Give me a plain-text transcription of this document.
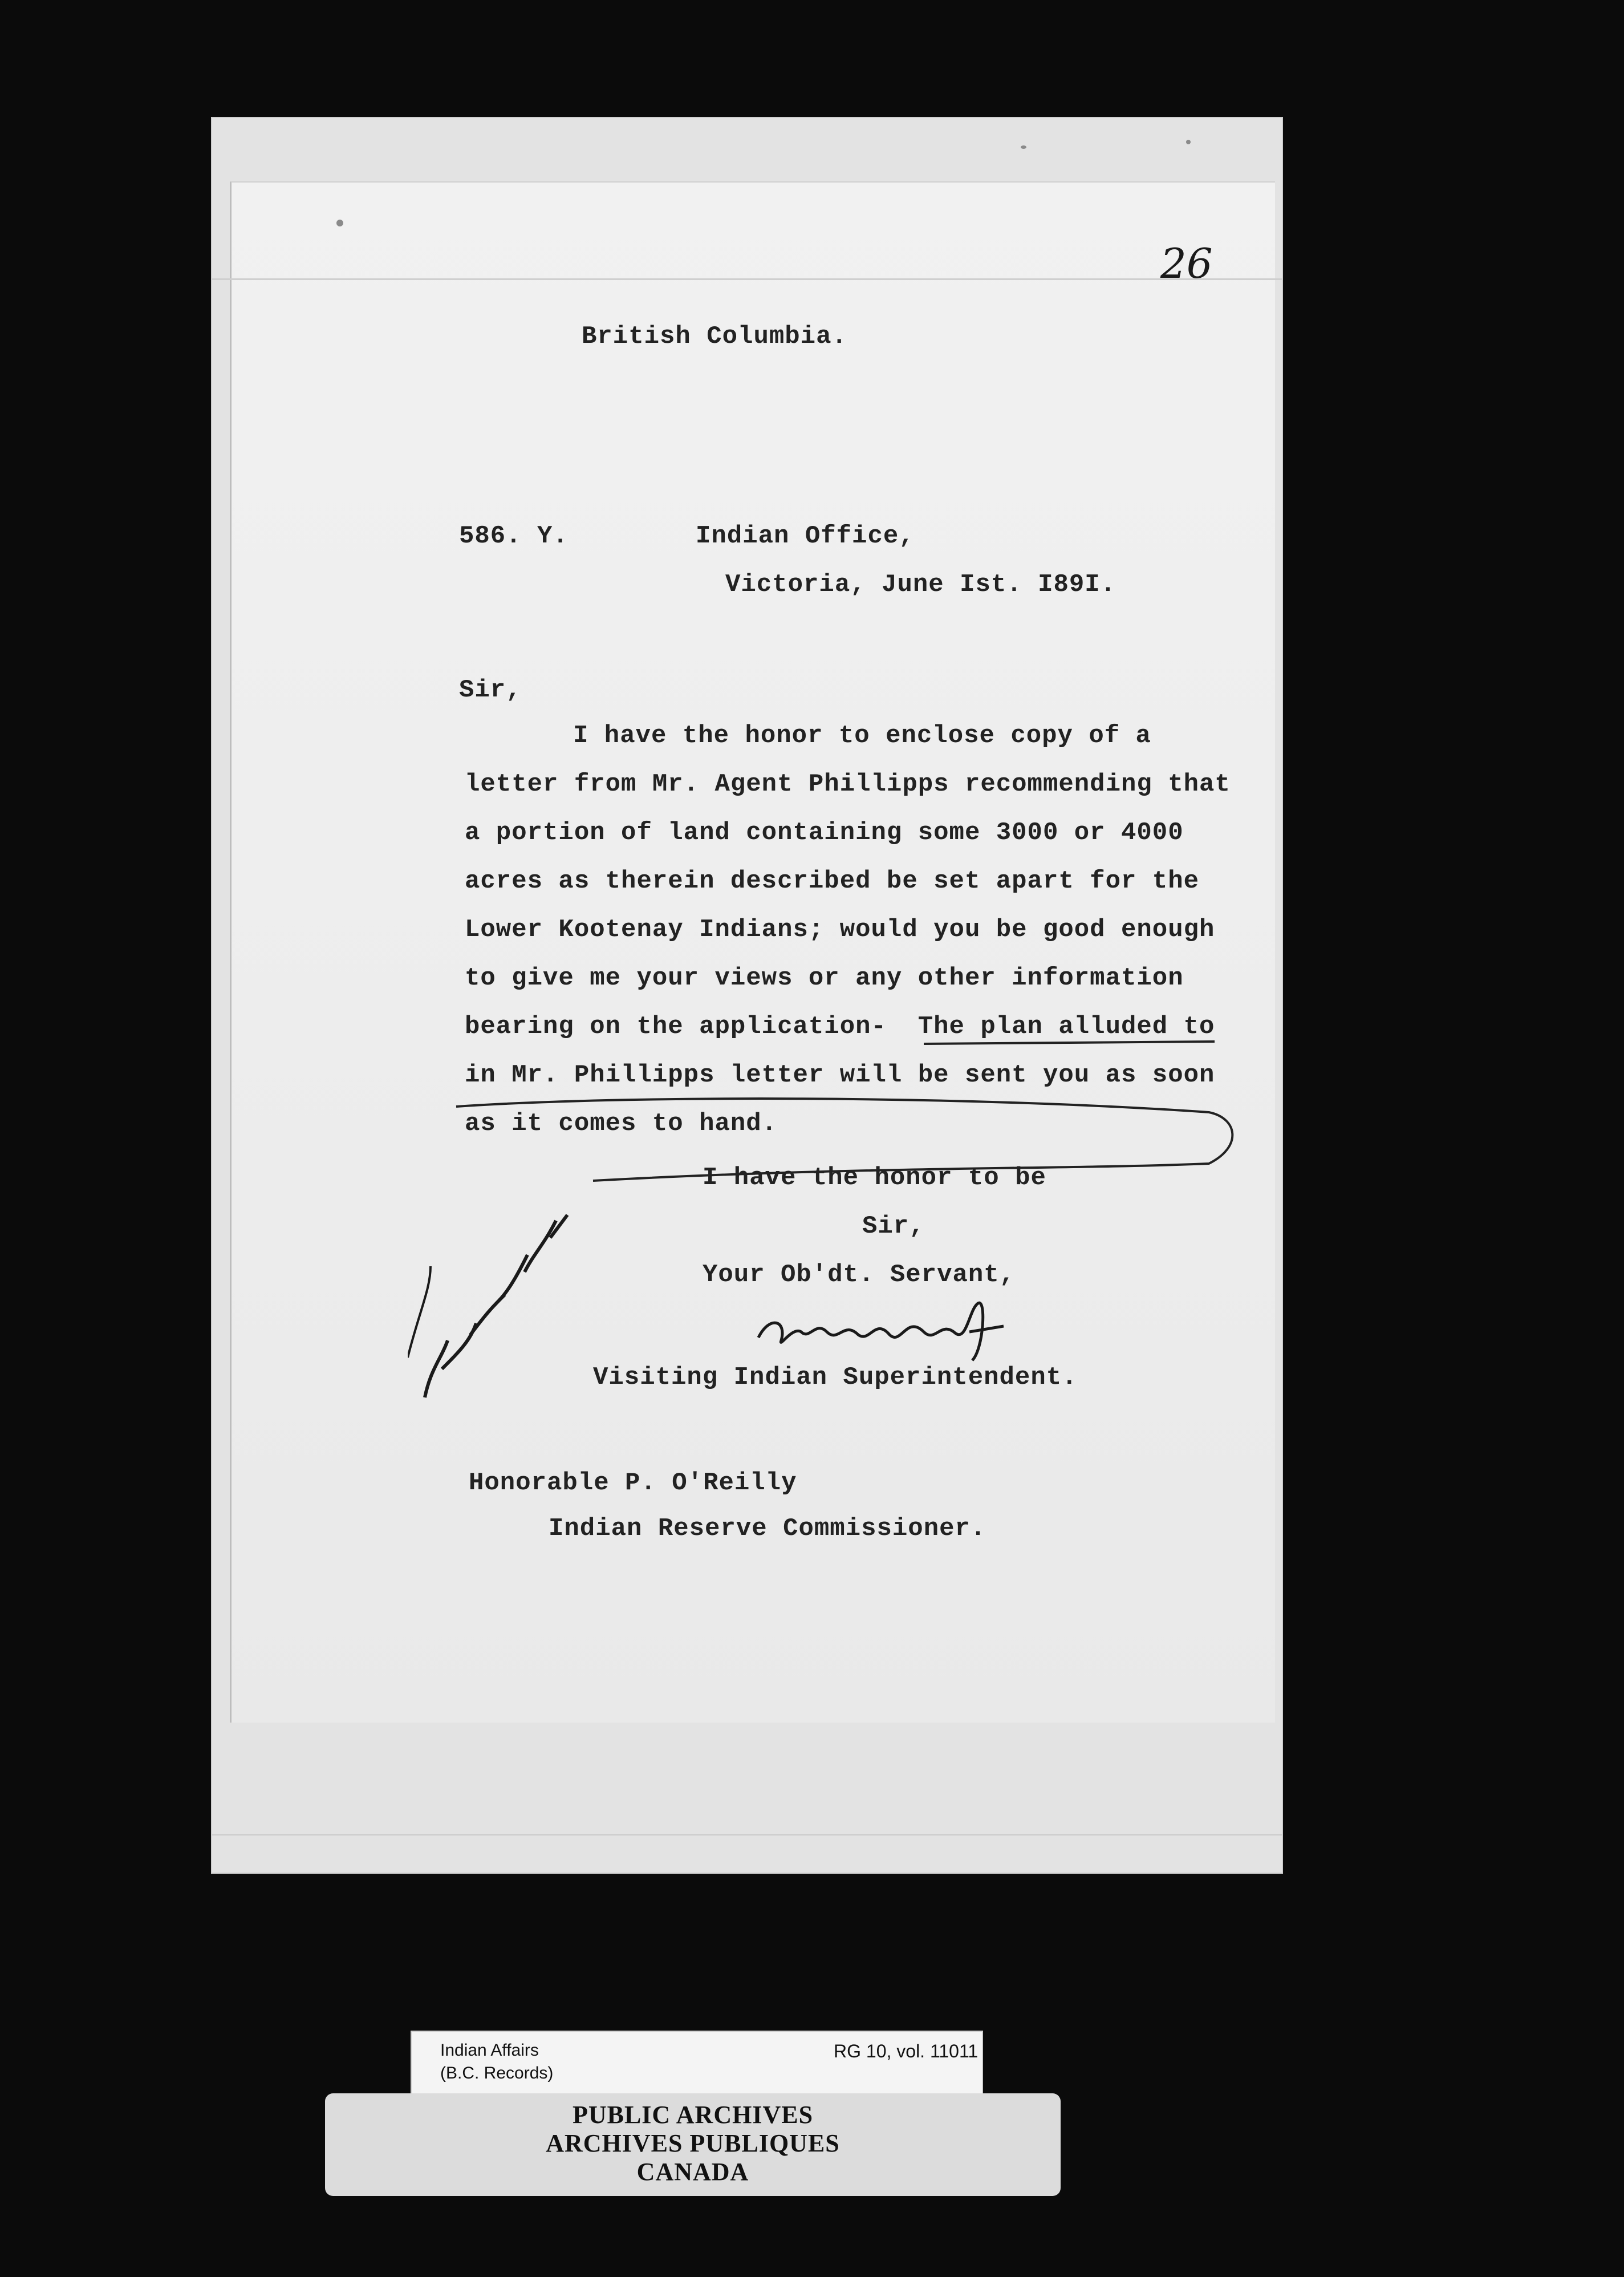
26
British Columbia.
586. Y.	Indian Office,
Victoria, June Ist. I89I.
Sir,
I have the honor to enclose copy of a
letter from Mr. Agent Phillipps recommending that
a portion of land containing some 3000 or 4000
acres as therein described be set apart for the
Lower Kootenay Indians; would you be good enough
to give me your views or any other information
bearing on the application-  The plan alluded to
in Mr. Phillipps letter will be sent you as soon
as it comes to hand.
I have the honor to be
Sir,
Your Ob'dt. Servant,
Visiting Indian Superintendent.
Honorable P. O'Reilly
Indian Reserve Commissioner.
Indian Affairs
(B.C. Records)
RG 10, vol. 11011
PUBLIC ARCHIVES
ARCHIVES PUBLIQUES
CANADA
